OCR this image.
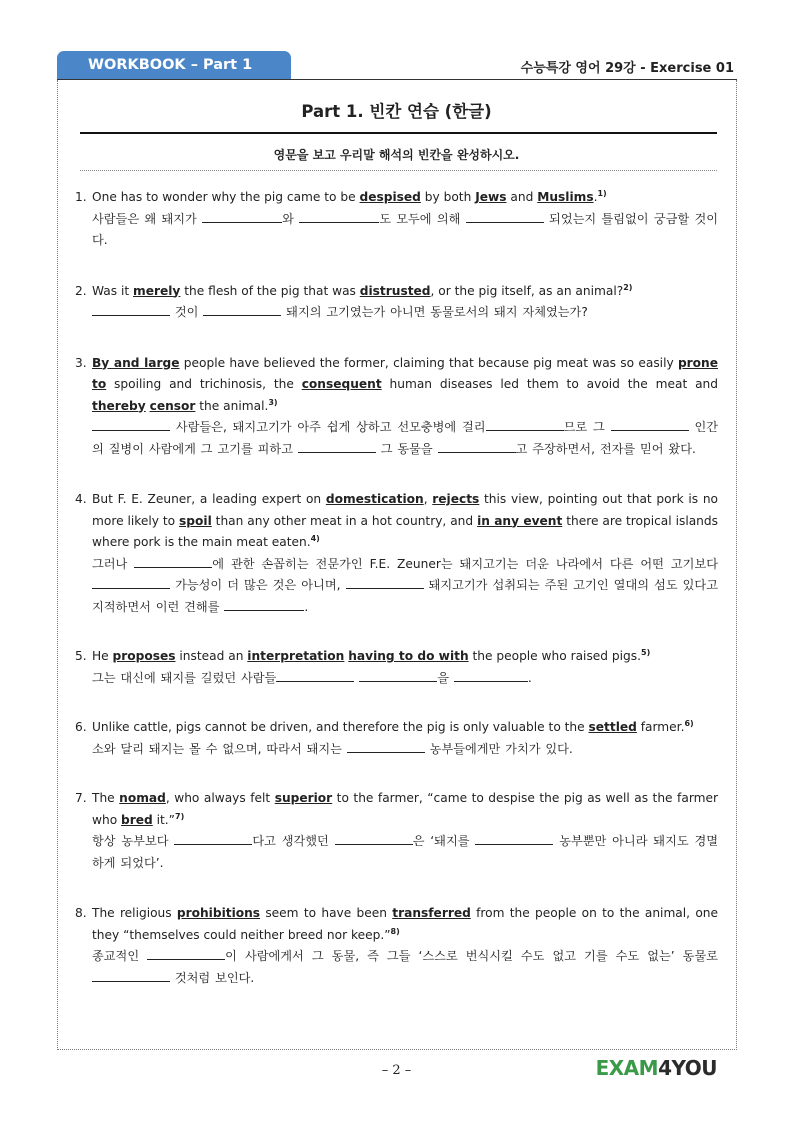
WORKBOOK – Part 1	수능특강 영어 29강 - Exercise 01
Part 1. 빈칸 연습 (한글)
영문을 보고 우리말 해석의 빈칸을 완성하시오.
1. One has to wonder why the pig came to be despised by both Jews and Muslims.$^{1)}$

사람들은 왜 돼지가	와	도 모두에 의해	되었는지 틀림없이 궁금할 것이다.

2. Was it merely the flesh of the pig that was distrusted, or the pig itself, as an animal?$^{2)}$

것이	돼지의 고기였는가 아니면 동물로서의 돼지 자체였는가?

3. By and large people have believed the former, claiming that because pig meat was so easily prone to spoiling and trichinosis, the consequent human diseases led them to avoid the meat and thereby censor the animal.$^{3)}$

사람들은, 돼지고기가 아주 쉽게 상하고 선모충병에 걸리	므로 그	인간의 질병이 사람에게 그 고기를 피하고	그 동물을	고 주장하면서, 전자를 믿어 왔다.

4. But F. E. Zeuner, a leading expert on domestication, rejects this view, pointing out that pork is no more likely to spoil than any other meat in a hot country, and in any event there are tropical islands where pork is the main meat eaten.$^{4)}$

그러나	에 관한 손꼽히는 전문가인 F.E. Zeuner는 돼지고기는 더운 나라에서 다른 어떤 고기보다  가능성이 더 많은 것은 아니며,	돼지고기가 섭취되는 주된 고기인 열대의 섬도 있다고 지적하면서 이런 견해를	.

5. He proposes instead an interpretation having to do with the people who raised pigs.$^{5)}$

그는 대신에 돼지를 길렀던 사람들	을	.

6. Unlike cattle, pigs cannot be driven, and therefore the pig is only valuable to the settled farmer.$^{6)}$

소와 달리 돼지는 몰 수 없으며, 따라서 돼지는	농부들에게만 가치가 있다.

7. The nomad, who always felt superior to the farmer, “came to despise the pig as well as the farmer who bred it.”$^{7)}$

항상 농부보다	다고 생각했던	은 ‘돼지를	농부뿐만 아니라 돼지도 경멸하게 되었다’.

8. The religious prohibitions seem to have been transferred from the people on to the animal, one they “themselves could neither breed nor keep.”$^{8)}$

종교적인	이 사람에게서 그 동물, 즉 그들 ‘스스로 번식시킬 수도 없고 기를 수도 없는’ 동물로  것처럼 보인다.

– 2 –	EXAM4YOU
